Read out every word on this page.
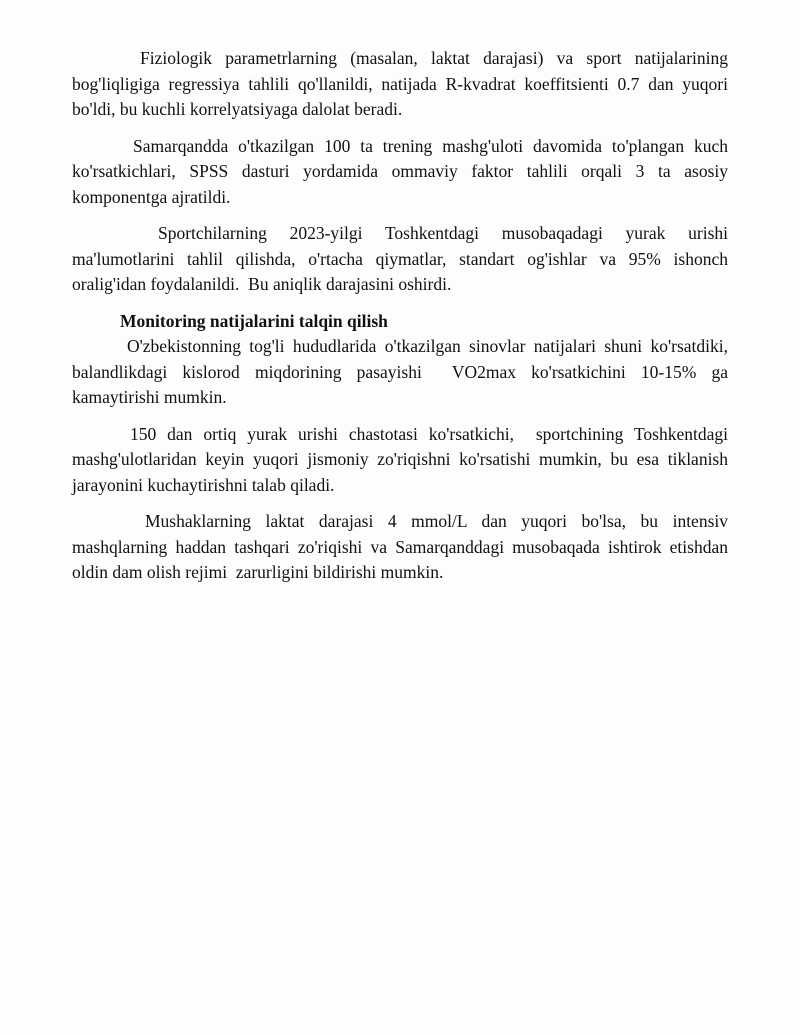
Fiziologik parametrlarning (masalan, laktat darajasi) va sport natijalarining bog'liqligiga regressiya tahlili qo'llanildi, natijada R-kvadrat koeffitsienti 0.7 dan yuqori bo'ldi, bu kuchli korrelyatsiyaga dalolat beradi.

Samarqandda o'tkazilgan 100 ta trening mashg'uloti davomida to'plangan kuch ko'rsatkichlari, SPSS dasturi yordamida ommaviy faktor tahlili orqali 3 ta asosiy komponentga ajratildi.

Sportchilarning 2023-yilgi Toshkentdagi musobaqadagi yurak urishi ma'lumotlarini tahlil qilishda, o'rtacha qiymatlar, standart og'ishlar va 95% ishonch oralig'idan foydalanildi.  Bu aniqlik darajasini oshirdi.

Monitoring natijalarini talqin qilish

O'zbekistonning tog'li hududlarida o'tkazilgan sinovlar natijalari shuni ko'rsatdiki, balandlikdagi kislorod miqdorining pasayishi  VO2max ko'rsatkichini 10-15% ga kamaytirishi mumkin.

150 dan ortiq yurak urishi chastotasi ko'rsatkichi,  sportchining Toshkentdagi mashg'ulotlaridan keyin yuqori jismoniy zo'riqishni ko'rsatishi mumkin, bu esa tiklanish jarayonini kuchaytirishni talab qiladi.

Mushaklarning laktat darajasi 4 mmol/L dan yuqori bo'lsa, bu intensiv mashqlarning haddan tashqari zo'riqishi va Samarqanddagi musobaqada ishtirok etishdan oldin dam olish rejimi  zarurligini bildirishi mumkin.
